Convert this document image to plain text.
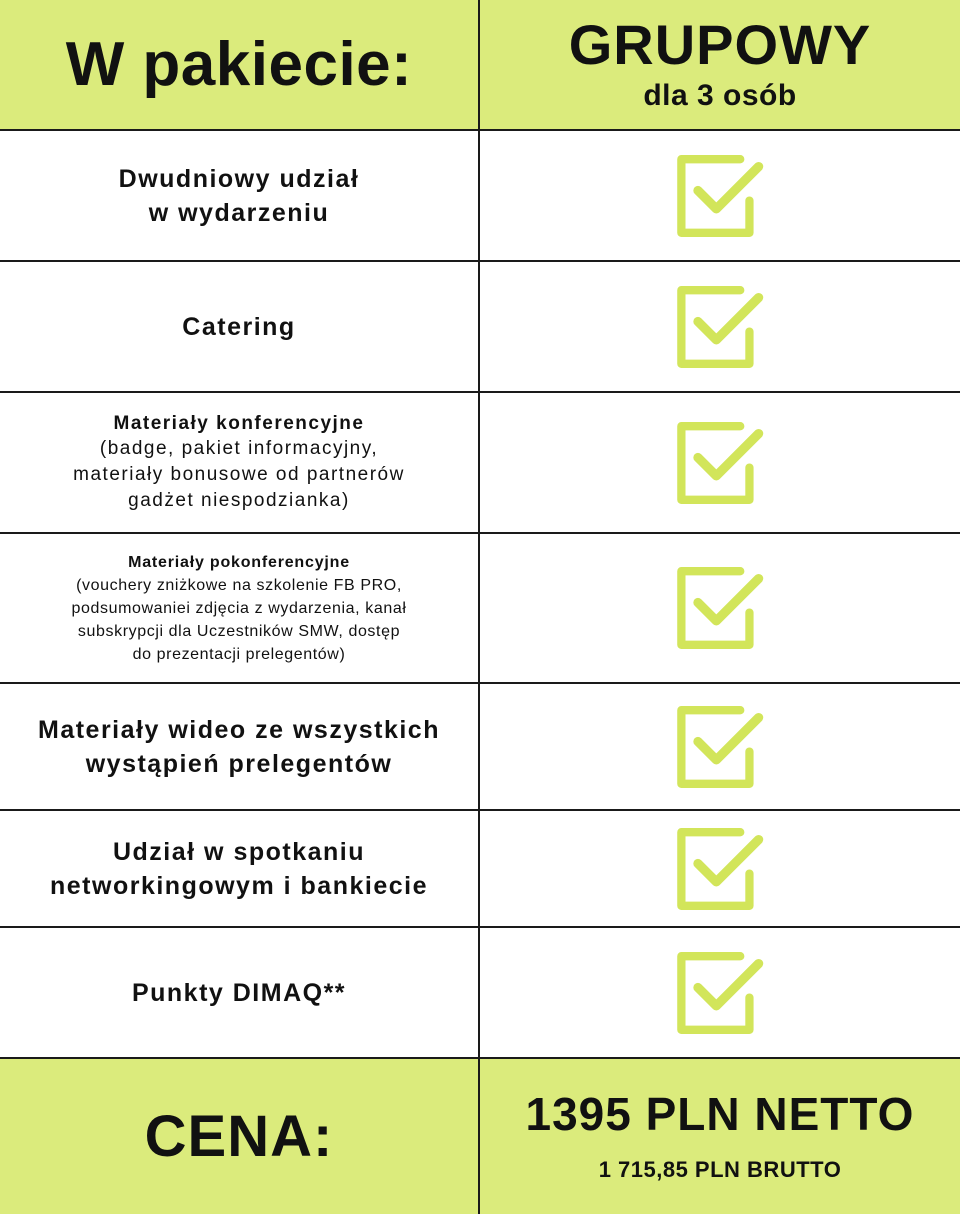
W pakiecie:	GRUPOWY
dla 3 osób
Dwudniowy udział
w wydarzeniu
Catering
Materiały konferencyjne
(badge, pakiet informacyjny,
materiały bonusowe od partnerów
gadżet niespodzianka)
Materiały pokonferencyjne
(vouchery zniżkowe na szkolenie FB PRO,
podsumowaniei zdjęcia z wydarzenia, kanał
subskrypcji dla Uczestników SMW, dostęp
do prezentacji prelegentów)
Materiały wideo ze wszystkich
wystąpień prelegentów
Udział w spotkaniu
networkingowym i bankiecie
Punkty DIMAQ**
CENA:	1395 PLN NETTO
1 715,85 PLN BRUTTO
